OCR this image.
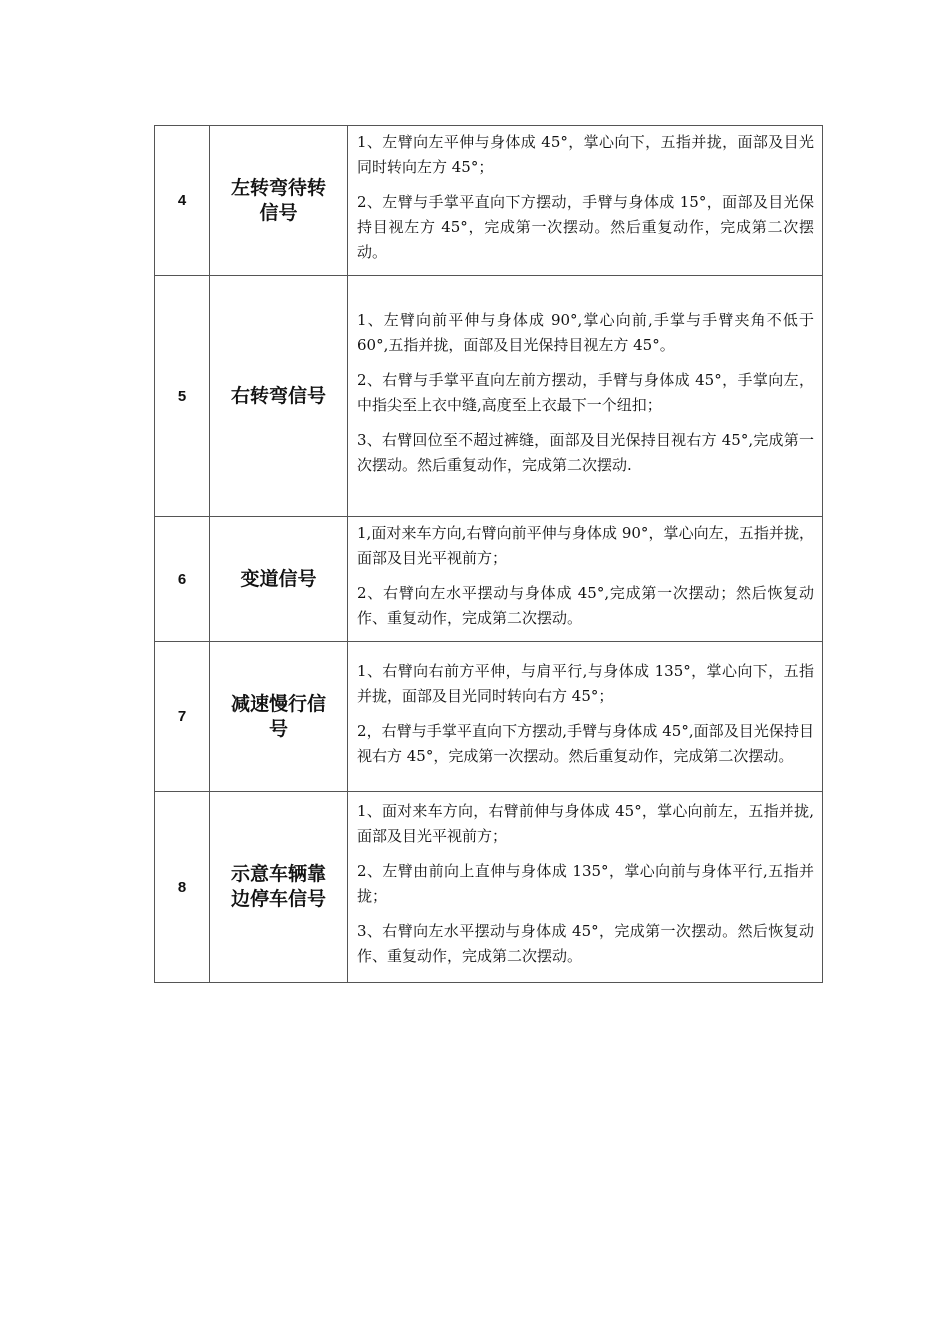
4	左转弯待转信号	1、左臂向左平伸与身体成 45°，掌心向下，五指并拢，面部及目光同时转向左方 45°；

2、左臂与手掌平直向下方摆动，手臂与身体成 15°，面部及目光保持目视左方 45°，完成第一次摆动。然后重复动作，完成第二次摆动。

5	右转弯信号	1、左臂向前平伸与身体成 90°,掌心向前,手掌与手臂夹角不低于 60°,五指并拢，面部及目光保持目视左方 45°。

2、右臂与手掌平直向左前方摆动，手臂与身体成 45°，手掌向左，中指尖至上衣中缝,高度至上衣最下一个纽扣；

3、右臂回位至不超过裤缝，面部及目光保持目视右方 45°,完成第一次摆动。然后重复动作，完成第二次摆动.

6	变道信号	1,面对来车方向,右臂向前平伸与身体成 90°，掌心向左，五指并拢，面部及目光平视前方；

2、右臂向左水平摆动与身体成 45°,完成第一次摆动；然后恢复动作、重复动作，完成第二次摆动。

7	减速慢行信号	1、右臂向右前方平伸，与肩平行,与身体成 135°，掌心向下，五指并拢，面部及目光同时转向右方 45°；

2，右臂与手掌平直向下方摆动,手臂与身体成 45°,面部及目光保持目视右方 45°，完成第一次摆动。然后重复动作，完成第二次摆动。

8	示意车辆靠边停车信号	1、面对来车方向，右臂前伸与身体成 45°，掌心向前左，五指并拢,面部及目光平视前方；

2、左臂由前向上直伸与身体成 135°，掌心向前与身体平行,五指并拢；

3、右臂向左水平摆动与身体成 45°，完成第一次摆动。然后恢复动作、重复动作，完成第二次摆动。
